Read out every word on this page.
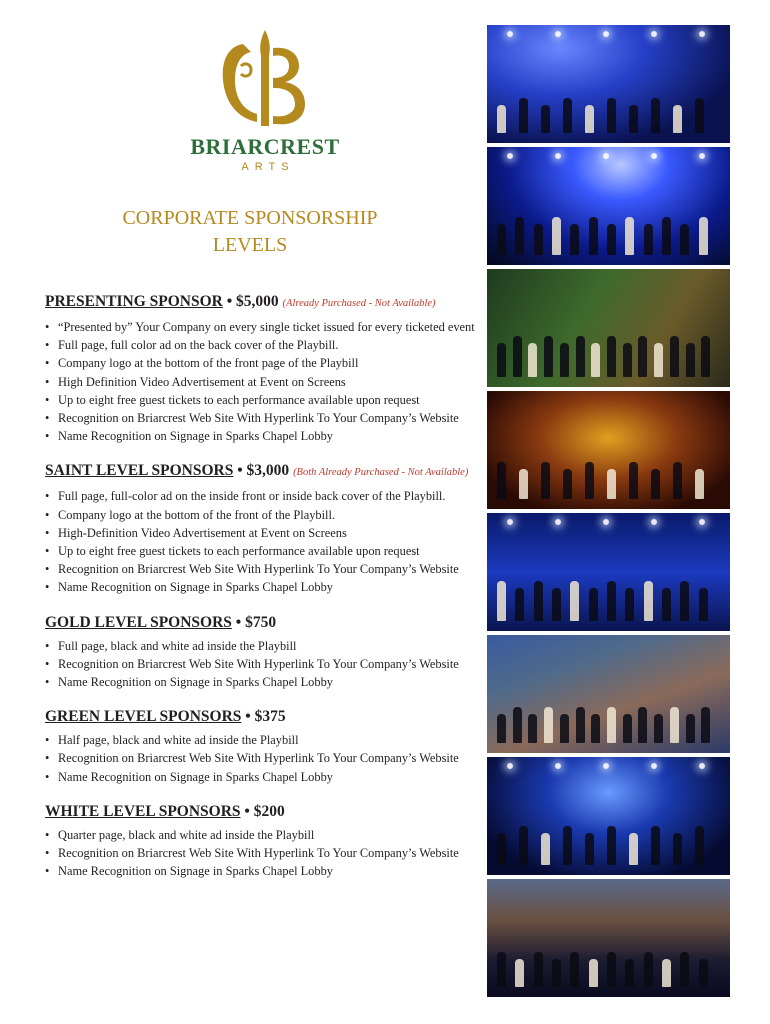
BRIARCREST
ARTS
CORPORATE SPONSORSHIP
LEVELS
PRESENTING SPONSOR • $5,000 (Already Purchased - Not Available)
• “Presented by” Your Company on every single ticket issued for every ticketed event
• Full page, full color ad on the back cover of the Playbill.
• Company logo at the bottom of the front page of the Playbill
• High Definition Video Advertisement at Event on Screens
• Up to eight free guest tickets to each performance available upon request
• Recognition on Briarcrest Web Site With Hyperlink To Your Company’s Website
• Name Recognition on Signage in Sparks Chapel Lobby
SAINT LEVEL SPONSORS • $3,000 (Both Already Purchased - Not Available)
• Full page, full-color ad on the inside front or inside back cover of the Playbill.
• Company logo at the bottom of the front of the Playbill.
• High-Definition Video Advertisement at Event on Screens
• Up to eight free guest tickets to each performance available upon request
• Recognition on Briarcrest Web Site With Hyperlink To Your Company’s Website
• Name Recognition on Signage in Sparks Chapel Lobby
GOLD LEVEL SPONSORS • $750
• Full page, black and white ad inside the Playbill
• Recognition on Briarcrest Web Site With Hyperlink To Your Company’s Website
• Name Recognition on Signage in Sparks Chapel Lobby
GREEN LEVEL SPONSORS • $375
• Half page, black and white ad inside the Playbill
• Recognition on Briarcrest Web Site With Hyperlink To Your Company’s Website
• Name Recognition on Signage in Sparks Chapel Lobby
WHITE LEVEL SPONSORS • $200
• Quarter page, black and white ad inside the Playbill
• Recognition on Briarcrest Web Site With Hyperlink To Your Company’s Website
• Name Recognition on Signage in Sparks Chapel Lobby
